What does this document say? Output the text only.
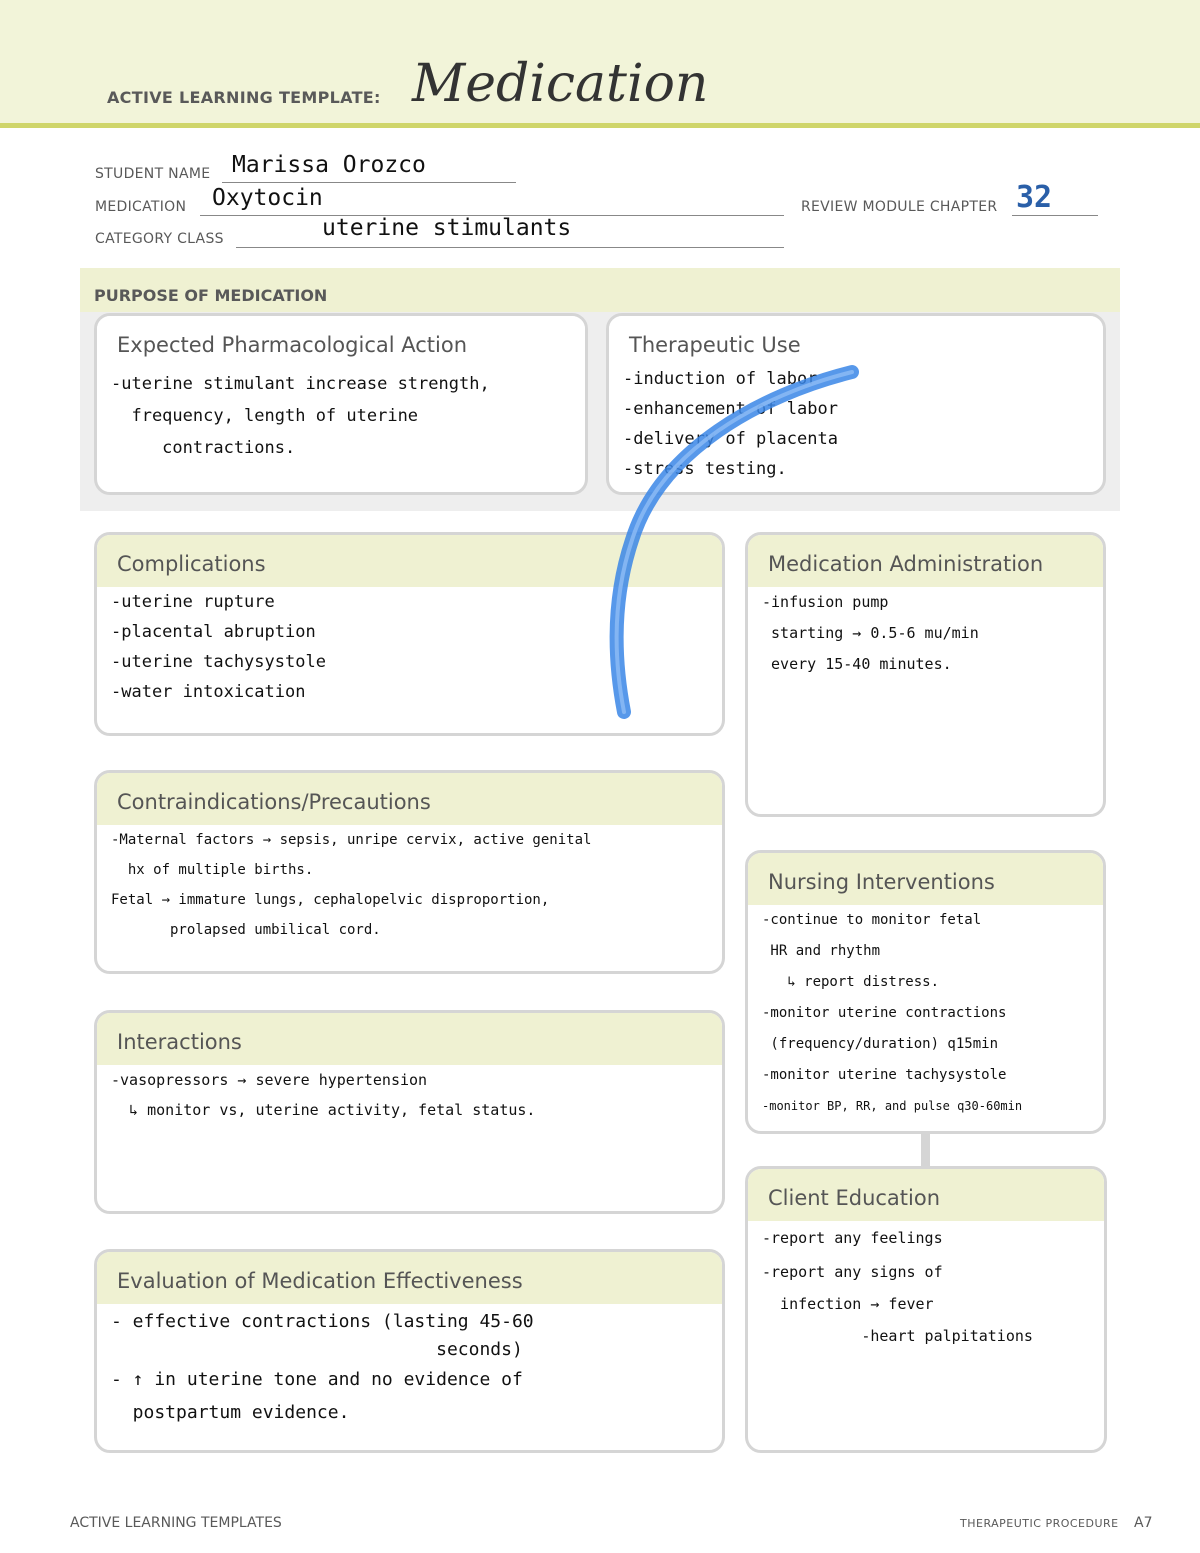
ACTIVE LEARNING TEMPLATE: Medication
STUDENT NAME Marissa Orozco
MEDICATION Oxytocin	REVIEW MODULE CHAPTER 32
CATEGORY CLASS	uterine stimulants
PURPOSE OF MEDICATION
Expected Pharmacological Action
-uterine stimulant increase strength,
frequency, length of uterine
contractions.
Therapeutic Use
-induction of labor
-enhancement of labor
-delivery of placenta
-stress testing.
Complications
-uterine rupture
-placental abruption
-uterine tachysystole
-water intoxication
Medication Administration
-infusion pump
starting → 0.5-6 mu/min
every 15-40 minutes.
Contraindications/Precautions
-Maternal factors → sepsis, unripe cervix, active genital
hx of multiple births.
Fetal → immature lungs, cephalopelvic disproportion,
prolapsed umbilical cord.
Nursing Interventions
-continue to monitor fetal
HR and rhythm
↳ report distress.
-monitor uterine contractions
(frequency/duration) q15min
-monitor uterine tachysystole
-monitor BP, RR, and pulse q30-60min
Interactions
-vasopressors → severe hypertension
↳ monitor vs, uterine activity, fetal status.
Client Education
-report any feelings
-report any signs of
infection → fever
-heart palpitations
Evaluation of Medication Effectiveness
- effective contractions (lasting 45-60
seconds)
- ↑ in uterine tone and no evidence of
postpartum evidence.
ACTIVE LEARNING TEMPLATES	THERAPEUTIC PROCEDURE A7
